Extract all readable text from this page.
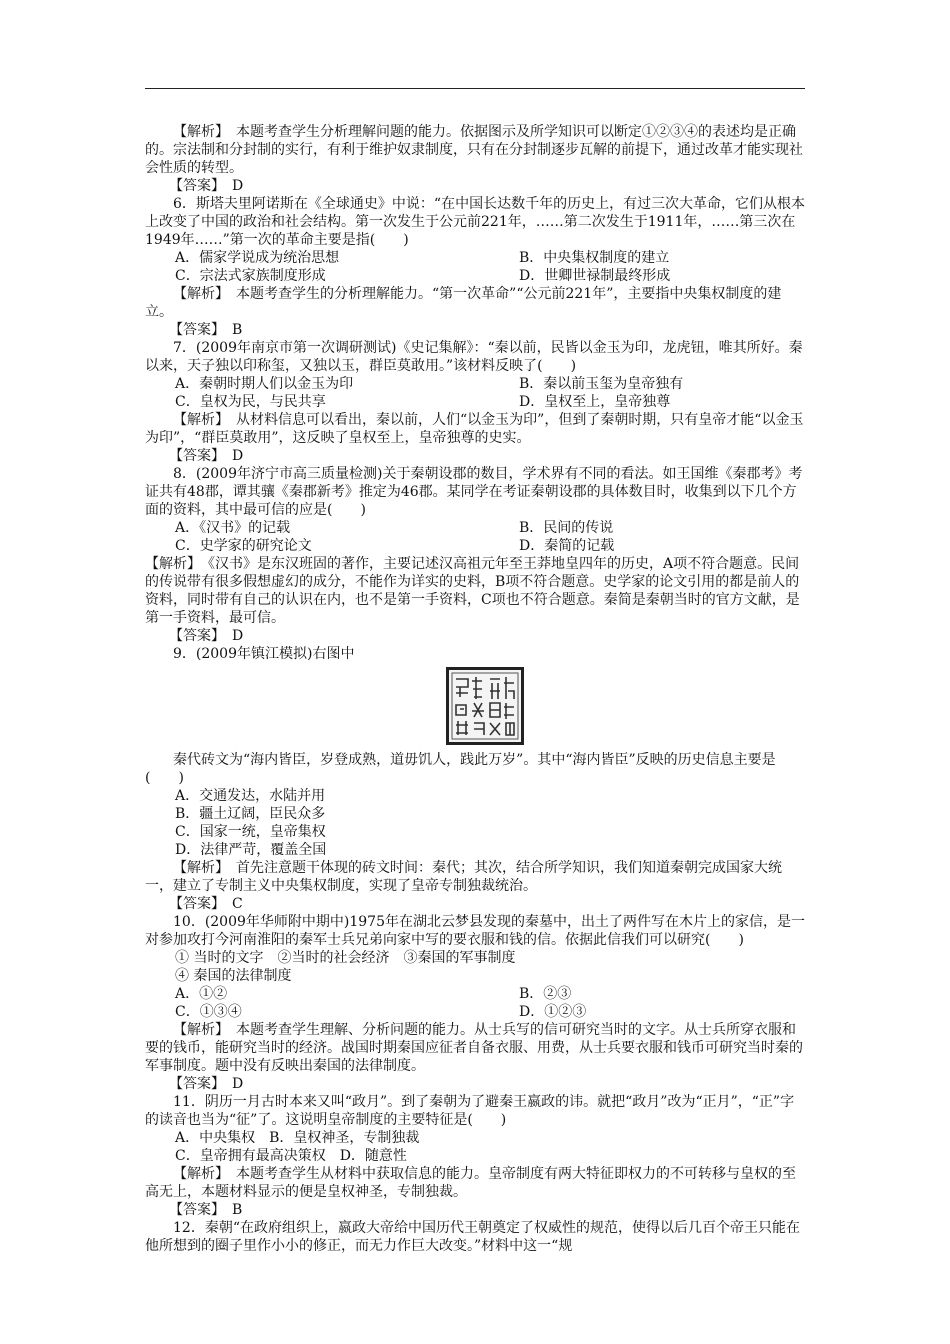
【解析】　本题考查学生分析理解问题的能力。依据图示及所学知识可以断定①②③④的表述均是正确的。宗法制和分封制的实行，有利于维护奴隶制度，只有在分封制逐步瓦解的前提下，通过改革才能实现社会性质的转型。

【答案】　D

6．斯塔夫里阿诺斯在《全球通史》中说：“在中国长达数千年的历史上，有过三次大革命，它们从根本上改变了中国的政治和社会结构。第一次发生于公元前221年，……第二次发生于1911年，……第三次在1949年……”第一次的革命主要是指(　　)

A．儒家学说成为统治思想	B．中央集权制度的建立
C．宗法式家族制度形成	D．世卿世禄制最终形成

【解析】　本题考查学生的分析理解能力。“第一次革命”“公元前221年”，主要指中央集权制度的建立。

【答案】　B

7．(2009年南京市第一次调研测试)《史记集解》：“秦以前，民皆以金玉为印，龙虎钮，唯其所好。秦以来，天子独以印称玺，又独以玉，群臣莫敢用。”该材料反映了(　　)

A．秦朝时期人们以金玉为印	B．秦以前玉玺为皇帝独有
C．皇权为民，与民共享	D．皇权至上，皇帝独尊

【解析】　从材料信息可以看出，秦以前，人们“以金玉为印”，但到了秦朝时期，只有皇帝才能“以金玉为印”，“群臣莫敢用”，这反映了皇权至上，皇帝独尊的史实。

【答案】　D

8．(2009年济宁市高三质量检测)关于秦朝设郡的数目，学术界有不同的看法。如王国维《秦郡考》考证共有48郡，谭其骧《秦郡新考》推定为46郡。某同学在考证秦朝设郡的具体数目时，收集到以下几个方面的资料，其中最可信的应是(　　)

A．《汉书》的记载	B．民间的传说
C．史学家的研究论文	D．秦简的记载

【解析】　《汉书》是东汉班固的著作，主要记述汉高祖元年至王莽地皇四年的历史，A项不符合题意。民间的传说带有很多假想虚幻的成分，不能作为详实的史料，B项不符合题意。史学家的论文引用的都是前人的资料，同时带有自己的认识在内，也不是第一手资料，C项也不符合题意。秦简是秦朝当时的官方文献，是第一手资料，最可信。

【答案】　D

9．(2009年镇江模拟)右图中

秦代砖文为“海内皆臣，岁登成熟，道毋饥人，践此万岁”。其中“海内皆臣”反映的历史信息主要是(　　)

A．交通发达，水陆并用

B．疆土辽阔，臣民众多

C．国家一统，皇帝集权

D．法律严苛，覆盖全国

【解析】　首先注意题干体现的砖文时间：秦代；其次，结合所学知识，我们知道秦朝完成国家大统一，建立了专制主义中央集权制度，实现了皇帝专制独裁统治。

【答案】　C

10．(2009年华师附中期中)1975年在湖北云梦县发现的秦墓中，出土了两件写在木片上的家信，是一对参加攻打今河南淮阳的秦军士兵兄弟向家中写的要衣服和钱的信。依据此信我们可以研究(　　)

① 当时的文字　②当时的社会经济　③秦国的军事制度

④ 秦国的法律制度

A．①②	B．②③
C．①③④	D．①②③

【解析】　本题考查学生理解、分析问题的能力。从士兵写的信可研究当时的文字。从士兵所穿衣服和要的钱币，能研究当时的经济。战国时期秦国应征者自备衣服、用费，从士兵要衣服和钱币可研究当时秦的军事制度。题中没有反映出秦国的法律制度。

【答案】　D

11．阴历一月古时本来又叫“政月”。到了秦朝为了避秦王嬴政的讳。就把“政月”改为“正月”，“正”字的读音也当为“征”了。这说明皇帝制度的主要特征是(　　)

A．中央集权　B．皇权神圣，专制独裁

C．皇帝拥有最高决策权　D．随意性

【解析】　本题考查学生从材料中获取信息的能力。皇帝制度有两大特征即权力的不可转移与皇权的至高无上，本题材料显示的便是皇权神圣，专制独裁。

【答案】　B

12．秦朝“在政府组织上，嬴政大帝给中国历代王朝奠定了权威性的规范，使得以后几百个帝王只能在他所想到的圈子里作小小的修正，而无力作巨大改变。”材料中这一“规
